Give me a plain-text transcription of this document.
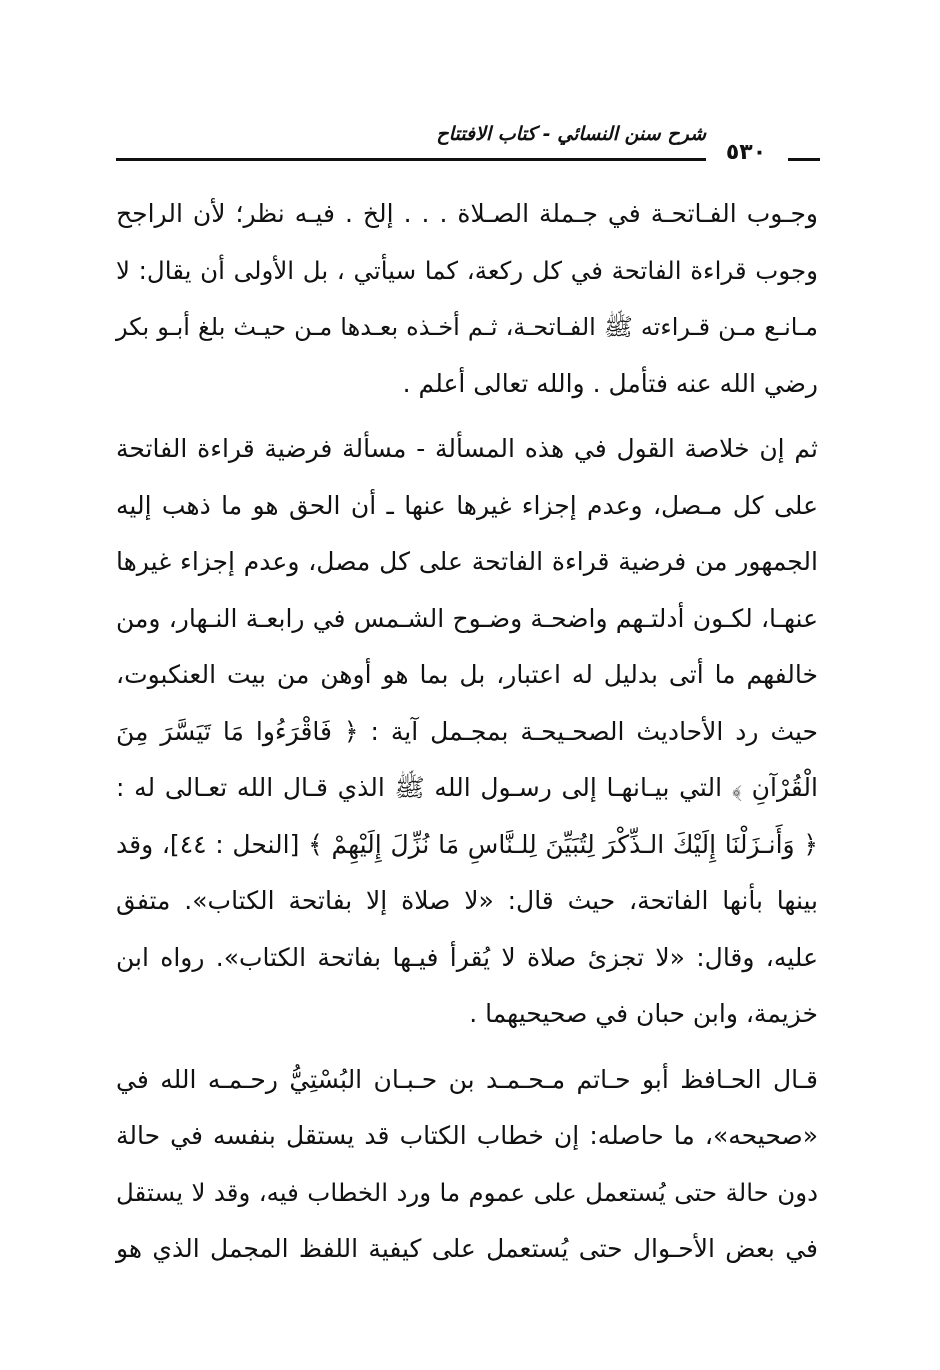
شرح سنن النسائي - كتاب الافتتاح
٥٣٠
وجـوب الفـاتحـة في جـملة الصـلاة . . . إلخ . فيـه نظر؛ لأن الراجح
وجوب قراءة الفاتحة في كل ركعة، كما سيأتي ، بل الأولى أن يقال: لا
مـانـع مـن قـراءته ﷺ الفـاتحـة، ثـم أخـذه بعـدها مـن حيـث بلغ أبـو بكر
رضي الله عنه فتأمل . والله تعالى أعلم .
ثم إن خلاصة القول في هذه المسألة - مسألة فرضية قراءة الفاتحة
على كل مـصل، وعدم إجزاء غيرها عنها ـ أن الحق هو ما ذهب إليه
الجمهور من فرضية قراءة الفاتحة على كل مصل، وعدم إجزاء غيرها
عنهـا، لكـون أدلتـهم واضحـة وضـوح الشـمس في رابعـة النـهار، ومن
خالفهم ما أتى بدليل له اعتبار، بل بما هو أوهن من بيت العنكبوت،
حيث رد الأحاديث الصحـيحـة بمجـمل آية : ﴿ فَاقْرَءُوا مَا تَيَسَّرَ مِنَ
الْقُرْآنِ ﴾ التي بيـانهـا إلى رسـول الله ﷺ الذي قـال الله تعـالى له :
﴿ وَأَنـزَلْنَا إِلَيْكَ الـذِّكْرَ لِتُبَيِّنَ لِلـنَّاسِ مَا نُزِّلَ إِلَيْهِمْ ﴾ [النحل : ٤٤]، وقد
بينها بأنها الفاتحة، حيث قال: «لا صلاة إلا بفاتحة الكتاب». متفق
عليه، وقال: «لا تجزئ صلاة لا يُقرأ فيـها بفاتحة الكتاب». رواه ابن
خزيمة، وابن حبان في صحيحيهما .
قـال الحـافظ أبو حـاتم مـحـمـد بن حـبـان البُسْتِيُّ رحـمـه الله في
«صحيحه»، ما حاصله: إن خطاب الكتاب قد يستقل بنفسه في حالة
دون حالة حتى يُستعمل على عموم ما ورد الخطاب فيه، وقد لا يستقل
في بعض الأحـوال حتى يُستعمل على كيفية اللفظ المجمل الذي هو
